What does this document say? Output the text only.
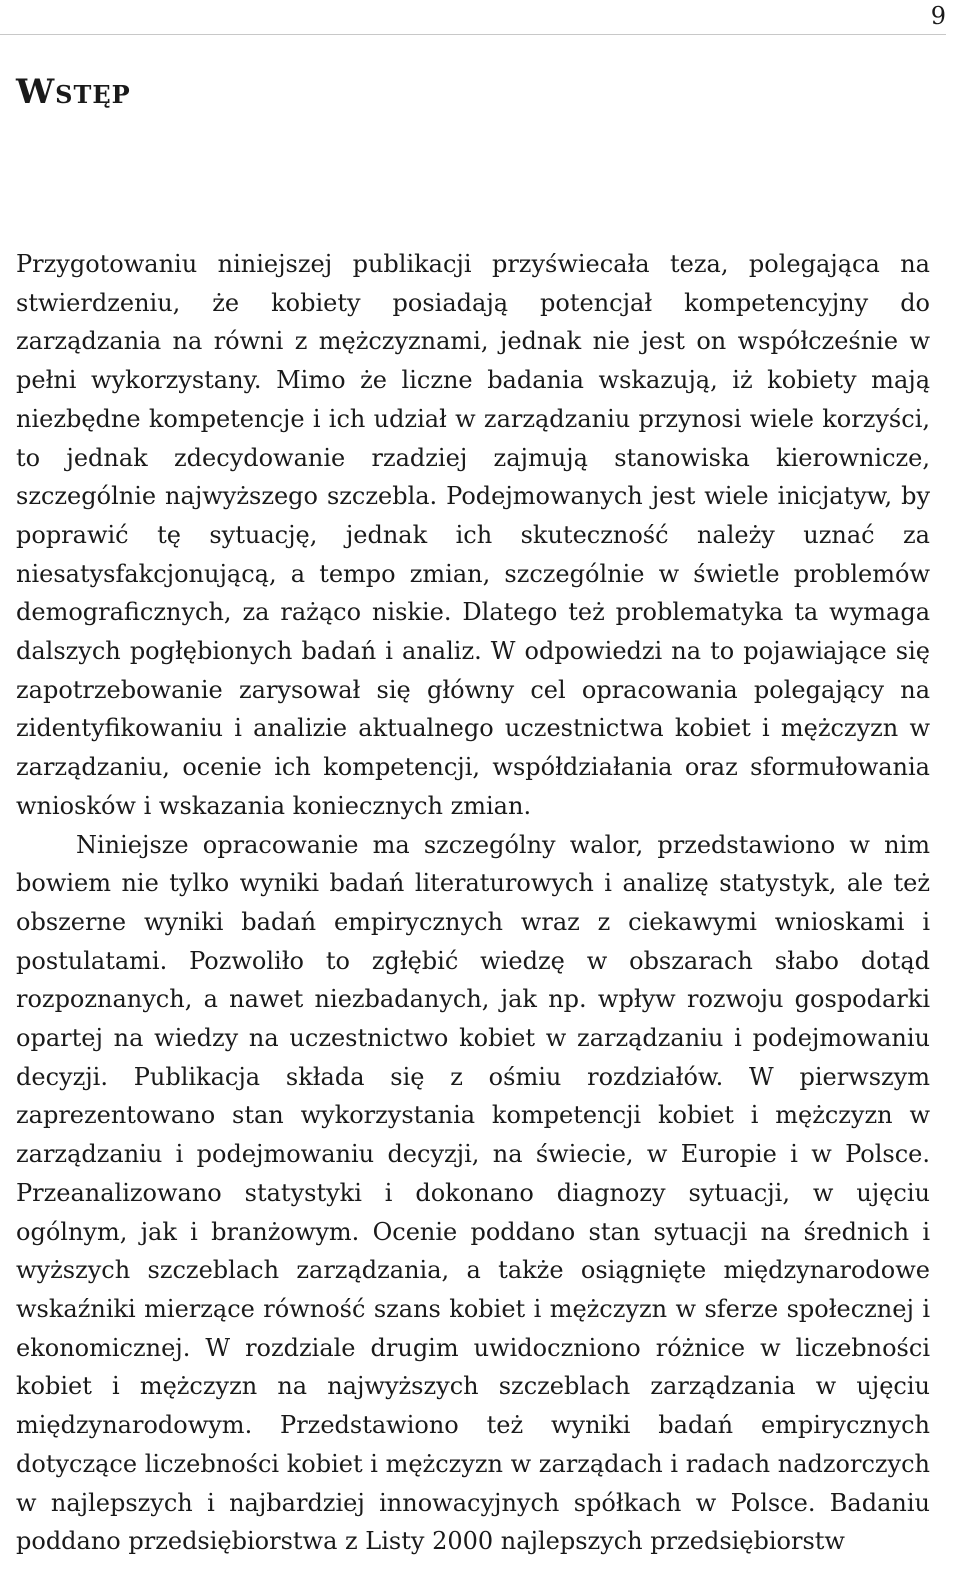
9
Wstęp

Przygotowaniu niniejszej publikacji przyświecała teza, polegająca na stwierdzeniu, że kobiety posiadają potencjał kompetencyjny do zarządzania na równi z mężczyznami, jednak nie jest on współcześnie w pełni wykorzystany. Mimo że liczne badania wskazują, iż kobiety mają niezbędne kompetencje i ich udział w zarządzaniu przynosi wiele korzyści, to jednak zdecydowanie rzadziej zajmują stanowiska kierownicze, szczególnie najwyższego szczebla. Podejmowanych jest wiele inicjatyw, by poprawić tę sytuację, jednak ich skuteczność należy uznać za niesatysfakcjonującą, a tempo zmian, szczególnie w świetle problemów demograficznych, za rażąco niskie. Dlatego też problematyka ta wymaga dalszych pogłębionych badań i analiz. W odpowiedzi na to pojawiające się zapotrzebowanie zarysował się główny cel opracowania polegający na zidentyfikowaniu i analizie aktualnego uczestnictwa kobiet i mężczyzn w zarządzaniu, ocenie ich kompetencji, współdziałania oraz sformułowania wniosków i wskazania koniecznych zmian.

Niniejsze opracowanie ma szczególny walor, przedstawiono w nim bowiem nie tylko wyniki badań literaturowych i analizę statystyk, ale też obszerne wyniki badań empirycznych wraz z ciekawymi wnioskami i postulatami. Pozwoliło to zgłębić wiedzę w obszarach słabo dotąd rozpoznanych, a nawet niezbadanych, jak np. wpływ rozwoju gospodarki opartej na wiedzy na uczestnictwo kobiet w zarządzaniu i podejmowaniu decyzji. Publikacja składa się z ośmiu rozdziałów. W pierwszym zaprezentowano stan wykorzystania kompetencji kobiet i mężczyzn w zarządzaniu i podejmowaniu decyzji, na świecie, w Europie i w Polsce. Przeanalizowano statystyki i dokonano diagnozy sytuacji, w ujęciu ogólnym, jak i branżowym. Ocenie poddano stan sytuacji na średnich i wyższych szczeblach zarządzania, a także osiągnięte międzynarodowe wskaźniki mierzące równość szans kobiet i mężczyzn w sferze społecznej i ekonomicznej. W rozdziale drugim uwidoczniono różnice w liczebności kobiet i mężczyzn na najwyższych szczeblach zarządzania w ujęciu międzynarodowym. Przedstawiono też wyniki badań empirycznych dotyczące liczebności kobiet i mężczyzn w zarządach i radach nadzorczych w najlepszych i najbardziej innowacyjnych spółkach w Polsce. Badaniu poddano przedsiębiorstwa z Listy 2000 najlepszych przedsiębiorstw
